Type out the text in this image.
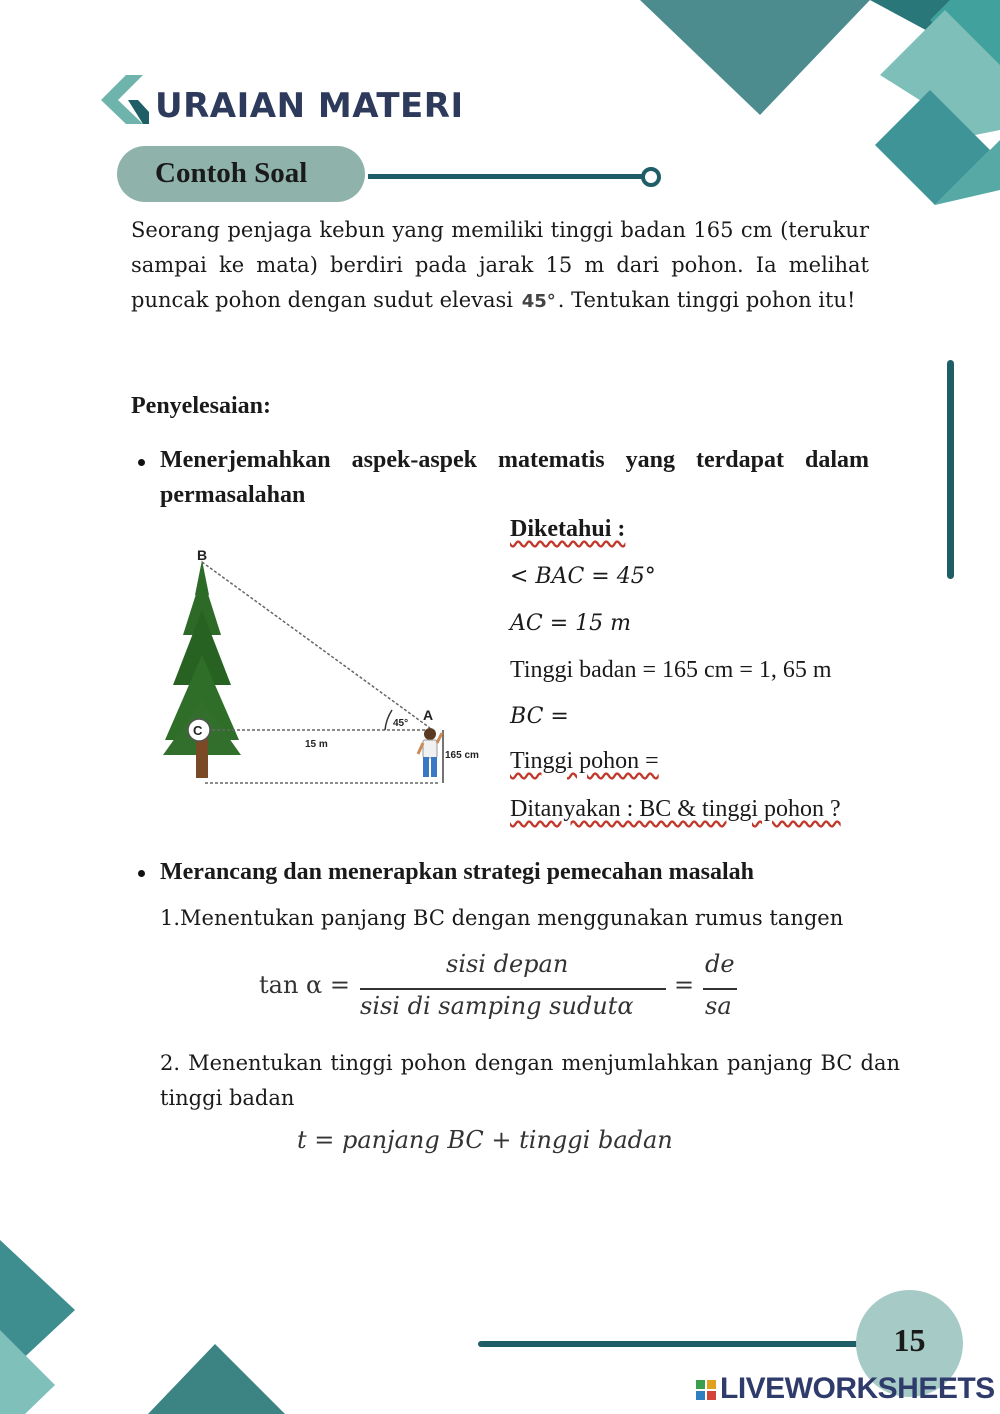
URAIAN MATERI
Contoh Soal
Seorang penjaga kebun yang memiliki tinggi badan 165 cm (terukur sampai ke mata) berdiri pada jarak 15 m dari pohon. Ia melihat puncak pohon dengan sudut elevasi 45°. Tentukan tinggi pohon itu!
Penyelesaian:
Menerjemahkan aspek-aspek matematis yang terdapat dalam permasalahan
C
B
A
45°
15 m
165 cm
Diketahui :
< BAC = 45°
AC = 15 m
Tinggi badan = 165 cm = 1, 65 m
BC =
Tinggi pohon =
Ditanyakan : BC & tinggi pohon ?
Merancang dan menerapkan strategi pemecahan masalah
1.Menentukan panjang BC dengan menggunakan rumus tangen
tan α =
sisi depan
sisi di samping sudutα
=
de
sa
2. Menentukan tinggi pohon dengan menjumlahkan panjang BC dan tinggi badan
t = panjang BC + tinggi badan
15
LIVEWORKSHEETS
